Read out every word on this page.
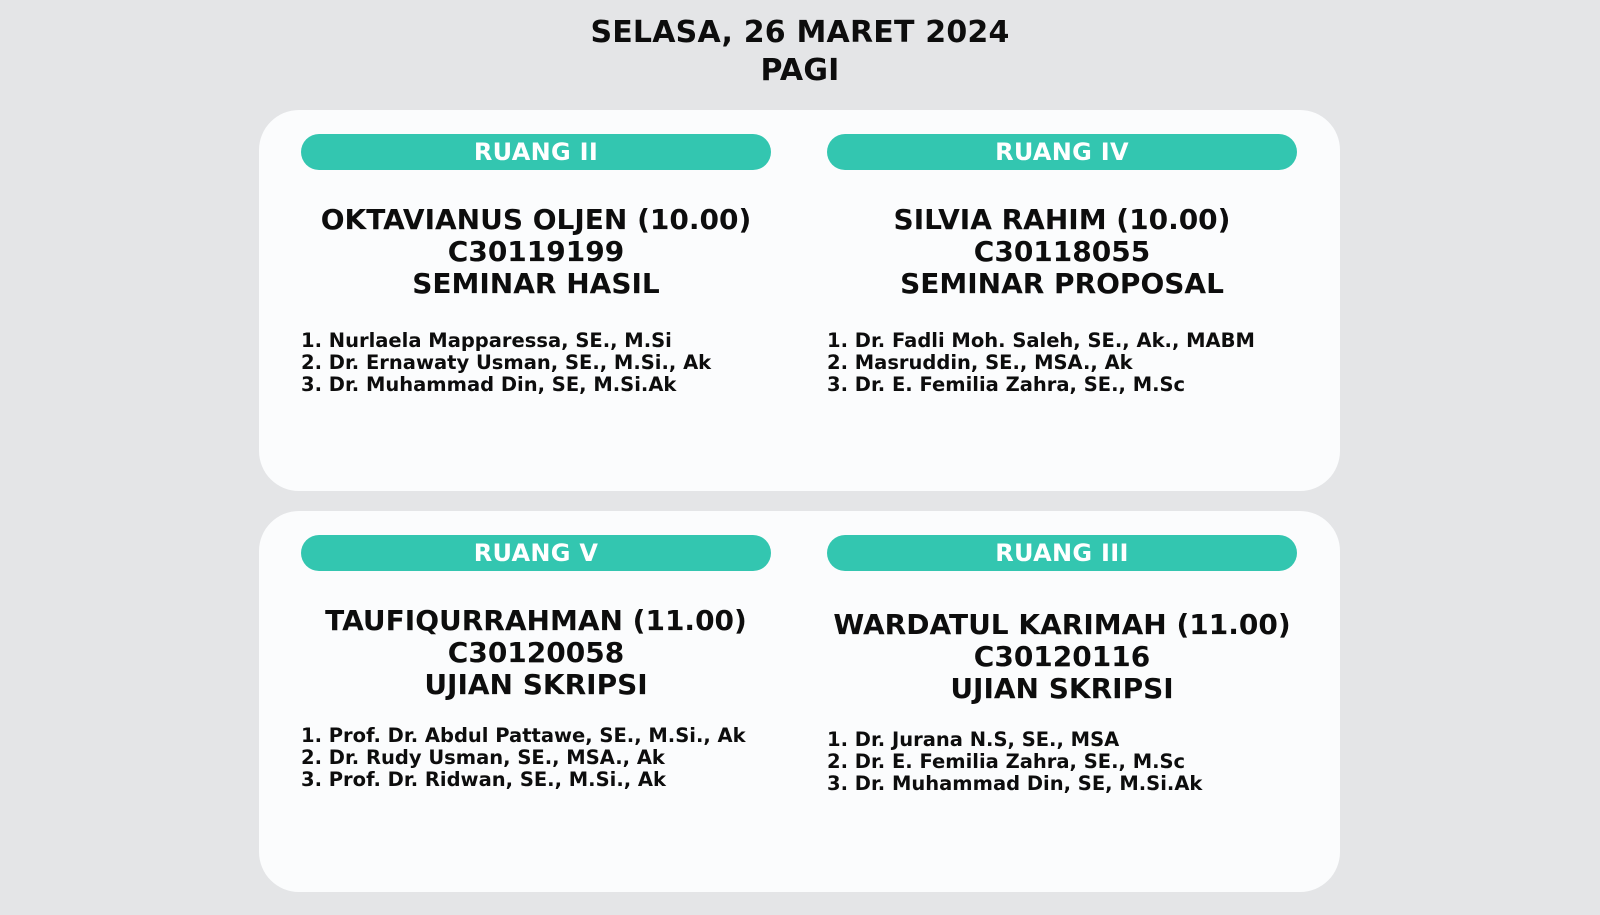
SELASA, 26 MARET 2024
PAGI
RUANG II
OKTAVIANUS OLJEN (10.00)
C30119199
SEMINAR HASIL
1. Nurlaela Mapparessa, SE., M.Si
2. Dr. Ernawaty Usman, SE., M.Si., Ak
3. Dr. Muhammad Din, SE, M.Si.Ak
RUANG IV
SILVIA RAHIM (10.00)
C30118055
SEMINAR PROPOSAL
1. Dr. Fadli Moh. Saleh, SE., Ak., MABM
2. Masruddin, SE., MSA., Ak
3. Dr. E. Femilia Zahra, SE., M.Sc
RUANG V
TAUFIQURRAHMAN (11.00)
C30120058
UJIAN SKRIPSI
1. Prof. Dr. Abdul Pattawe, SE., M.Si., Ak
2. Dr. Rudy Usman, SE., MSA., Ak
3. Prof. Dr. Ridwan, SE., M.Si., Ak
RUANG III
WARDATUL KARIMAH (11.00)
C30120116
UJIAN SKRIPSI
1. Dr. Jurana N.S, SE., MSA
2. Dr. E. Femilia Zahra, SE., M.Sc
3. Dr. Muhammad Din, SE, M.Si.Ak
